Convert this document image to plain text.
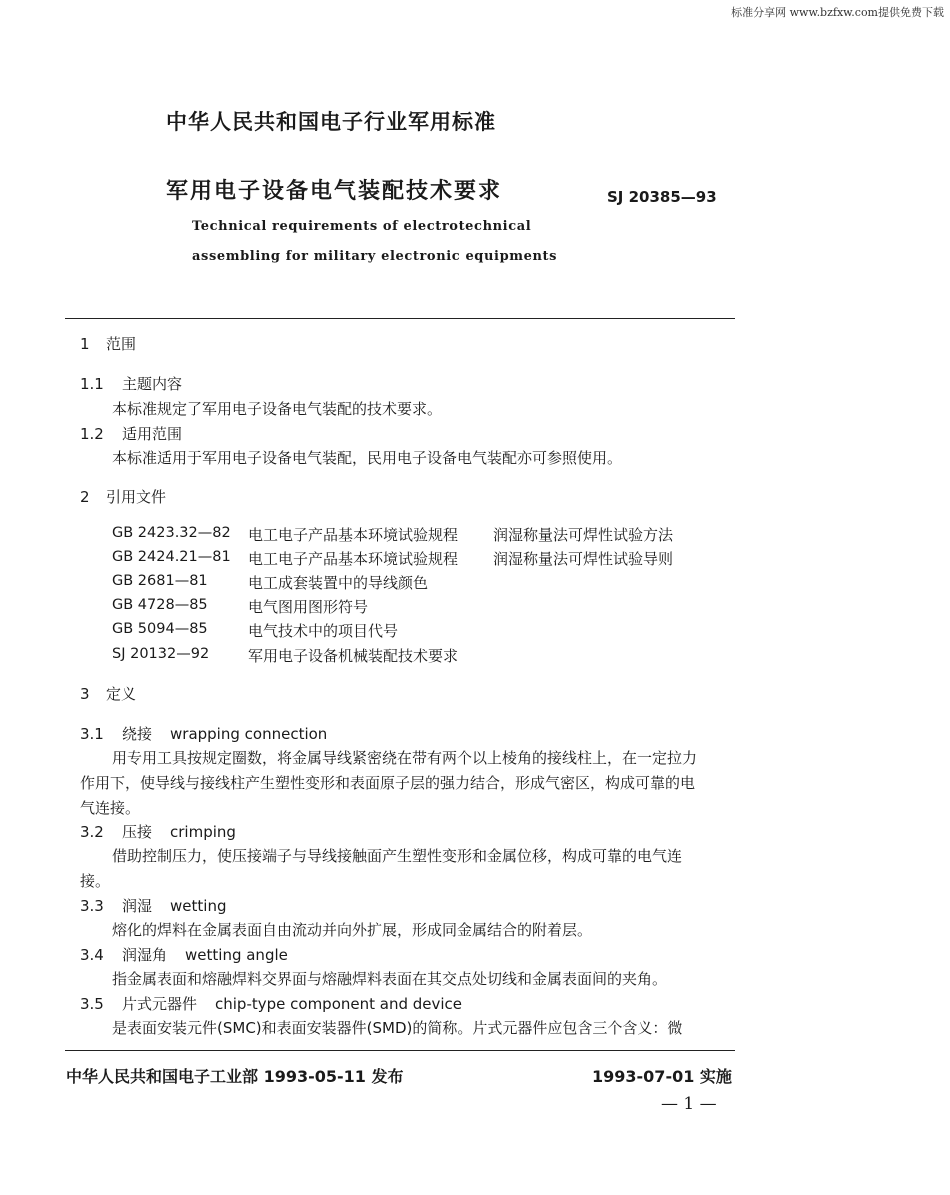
标准分享网 www.bzfxw.com提供免费下载
中华人民共和国电子行业军用标准
军用电子设备电气装配技术要求	SJ 20385—93
Technical requirements of electrotechnical
assembling for military electronic equipments
1 范围
1.1 主题内容
本标准规定了军用电子设备电气装配的技术要求。
1.2 适用范围
本标准适用于军用电子设备电气装配，民用电子设备电气装配亦可参照使用。
2 引用文件
GB 2423.32—82 电工电子产品基本环境试验规程 润湿称量法可焊性试验方法
GB 2424.21—81 电工电子产品基本环境试验规程 润湿称量法可焊性试验导则
GB 2681—81	电工成套装置中的导线颜色
GB 4728—85	电气图用图形符号
GB 5094—85	电气技术中的项目代号
SJ 20132—92	军用电子设备机械装配技术要求
3 定义
3.1 绕接 wrapping connection
用专用工具按规定圈数，将金属导线紧密绕在带有两个以上棱角的接线柱上，在一定拉力
作用下，使导线与接线柱产生塑性变形和表面原子层的强力结合，形成气密区，构成可靠的电
气连接。
3.2 压接 crimping
借助控制压力，使压接端子与导线接触面产生塑性变形和金属位移，构成可靠的电气连
接。
3.3 润湿 wetting
熔化的焊料在金属表面自由流动并向外扩展，形成同金属结合的附着层。
3.4 润湿角 wetting angle
指金属表面和熔融焊料交界面与熔融焊料表面在其交点处切线和金属表面间的夹角。
3.5 片式元器件 chip-type component and device
是表面安装元件(SMC)和表面安装器件(SMD)的简称。片式元器件应包含三个含义：微
中华人民共和国电子工业部 1993-05-11 发布	1993-07-01 实施
— 1 —
